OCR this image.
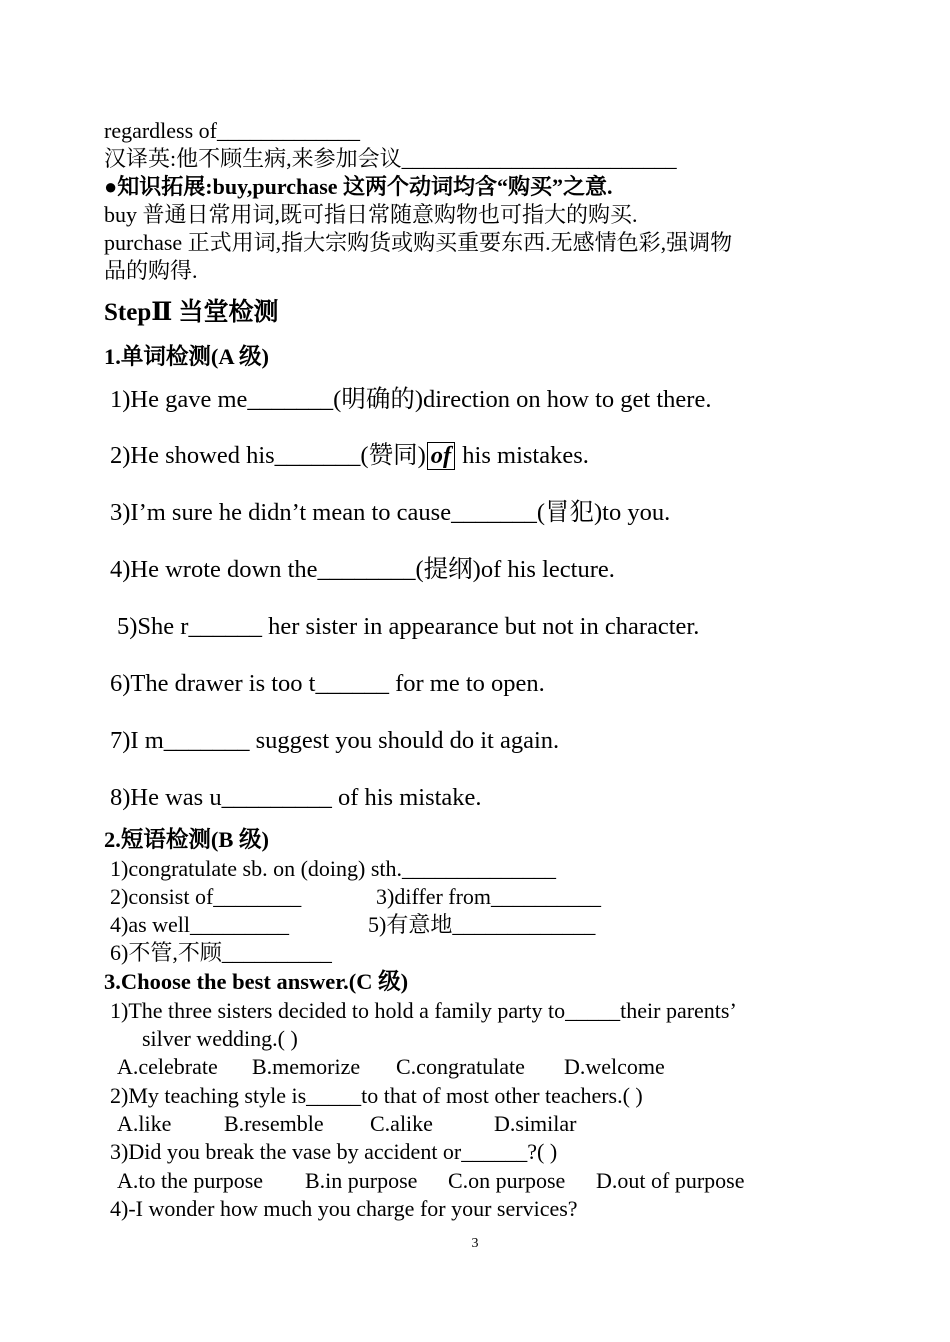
regardless of_____________
汉译英:他不顾生病,来参加会议_________________________
●知识拓展:buy,purchase 这两个动词均含“购买”之意.
buy 普通日常用词,既可指日常随意购物也可指大的购买.
purchase 正式用词,指大宗购货或购买重要东西.无感情色彩,强调物
品的购得.
StepⅡ 当堂检测
1.单词检测(A 级)
1)He gave me_______(明确的)direction on how to get there.
2)He showed his_______(赞同) of his mistakes.
3)I’m sure he didn’t mean to cause_______(冒犯)to you.
4)He wrote down the________(提纲)of his lecture.
5)She r______ her sister in appearance but not in character.
6)The drawer is too t______ for me to open.
7)I m_______ suggest you should do it again.
8)He was u_________ of his mistake.
2.短语检测(B 级)
1)congratulate sb. on (doing) sth.______________
2)consist of________	3)differ from__________
4)as well_________	5)有意地_____________
6)不管,不顾__________
3.Choose the best answer.(C 级)
1)The three sisters decided to hold a family party to_____their parents’
silver wedding.( )
A.celebrate B.memorize C.congratulate D.welcome
2)My teaching style is_____to that of most other teachers.( )
A.like B.resemble C.alike	D.similar
3)Did you break the vase by accident or______?( )
A.to the purpose B.in purpose C.on purpose D.out of purpose
4)-I wonder how much you charge for your services?
3
